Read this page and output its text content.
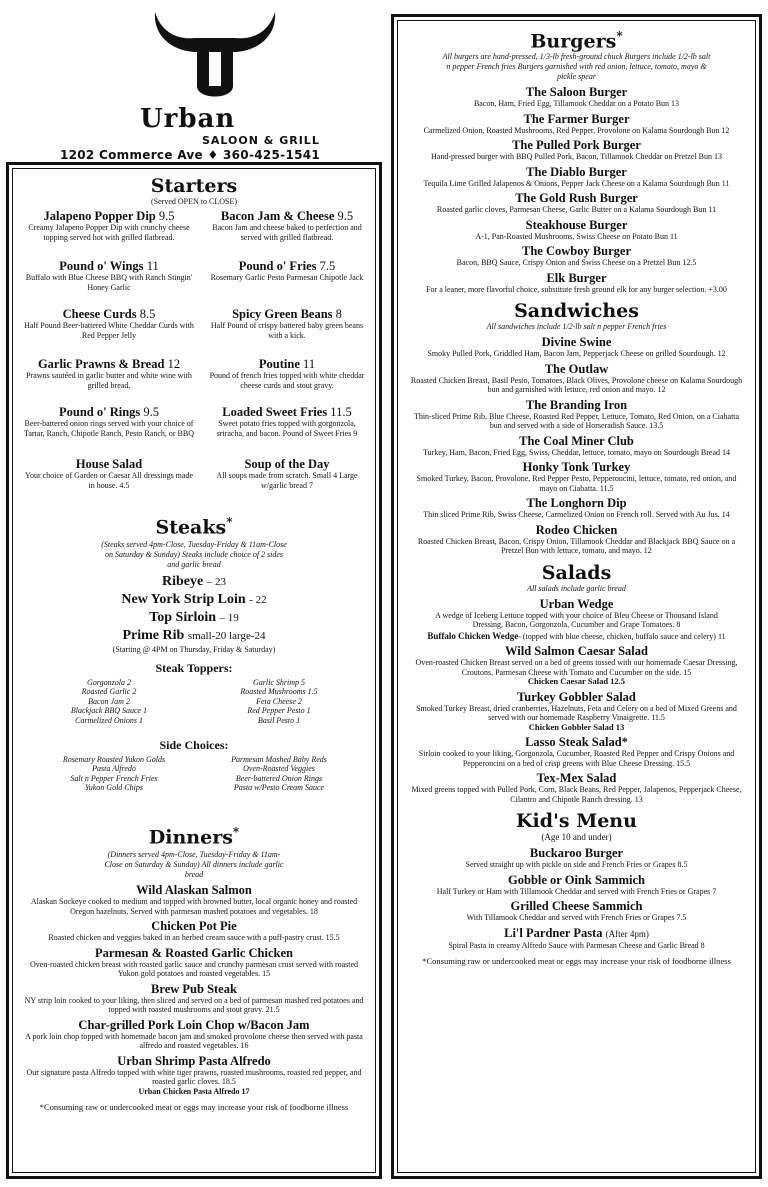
Urban
SALOON & GRILL
1202 Commerce Ave ♦ 360-425-1541
Starters
(Served OPEN to CLOSE)
Jalapeno Popper Dip 9.5
Creamy Jalapeno Popper Dip with crunchy cheese topping served hot with grilled flatbread.
Bacon Jam & Cheese 9.5
Bacon Jam and cheese baked to perfection and served with grilled flatbread.
Pound o' Wings 11
Buffalo with Blue Cheese BBQ with Ranch Stingin' Honey Garlic
Pound o' Fries 7.5
Rosemary Garlic Pesto Parmesan Chipotle Jack
Cheese Curds 8.5
Half Pound Beer-battered White Cheddar Curds with Red Pepper Jelly
Spicy Green Beans 8
Half Pound of crispy battered baby green beans with a kick.
Garlic Prawns & Bread 12
Prawns sautéed in garlic butter and white wine with grilled bread.
Poutine 11
Pound of french fries topped with white cheddar cheese curds and stout gravy.
Pound o' Rings 9.5
Beer-battered onion rings served with your choice of Tartar, Ranch, Chipotle Ranch, Pesto Ranch, or BBQ
Loaded Sweet Fries 11.5
Sweet potato fries topped with gorgonzola, sriracha, and bacon. Pound of Sweet Fries 9
House Salad
Your choice of Garden or Caesar All dressings made in house. 4.5
Soup of the Day
All soups made from scratch. Small 4 Large w/garlic bread 7
Steaks*
(Steaks served 4pm-Close, Tuesday-Friday & 11am-Close on Saturday & Sunday) Steaks include choice of 2 sides and garlic bread
Ribeye – 23
New York Strip Loin - 22
Top Sirloin – 19
Prime Rib small-20 large-24
(Starting @ 4PM on Thursday, Friday & Saturday)
Steak Toppers:
Gorgonzola 2
Roasted Garlic 2
Bacon Jam 2
Blackjack BBQ Sauce 1
Carmelized Onions 1
Garlic Shrimp 5
Roasted Mushrooms 1.5
Feta Cheese 2
Red Pepper Pesto 1
Basil Pesto 1
Side Choices:
Rosemary Roasted Yukon Golds
Pasta Alfredo
Salt n Pepper French Fries
Yukon Gold Chips
Parmesan Mashed Baby Reds
Oven-Roasted Veggies
Beer-battered Onion Rings
Pasta w/Pesto Cream Sauce
Dinners*
(Dinners served 4pm-Close, Tuesday-Friday & 11am-Close on Saturday & Sunday) All dinners include garlic bread
Wild Alaskan Salmon
Alaskan Sockeye cooked to medium and topped with browned butter, local organic honey and roasted Oregon hazelnuts. Served with parmesan mashed potatoes and vegetables. 18
Chicken Pot Pie
Roasted chicken and veggies baked in an herbed cream sauce with a puff-pastry crust. 15.5
Parmesan & Roasted Garlic Chicken
Oven-roasted chicken breast with roasted garlic sauce and crunchy parmesan crust served with roasted Yukon gold potatoes and roasted vegetables. 15
Brew Pub Steak
NY strip loin cooked to your liking, then sliced and served on a bed of parmesan mashed red potatoes and topped with roasted mushrooms and stout gravy. 21.5
Char-grilled Pork Loin Chop w/Bacon Jam
A pork loin chop topped with homemade bacon jam and smoked provolone cheese then served with pasta alfredo and roasted vegetables. 16
Urban Shrimp Pasta Alfredo
Our signature pasta Alfredo topped with white tiger prawns, roasted mushrooms, roasted red pepper, and roasted garlic cloves. 18.5
Urban Chicken Pasta Alfredo 17
*Consuming raw or undercooked meat or eggs may increase your risk of foodborne illness
Burgers*
All burgers are hand-pressed, 1/3-lb fresh-ground chuck Burgers include 1/2-lb salt n pepper French fries Burgers garnished with red onion, lettuce, tomato, mayo & pickle spear
The Saloon Burger
Bacon, Ham, Fried Egg, Tillamook Cheddar on a Potato Bun 13
The Farmer Burger
Carmelized Onion, Roasted Mushrooms, Red Pepper, Provolone on Kalama Sourdough Bun 12
The Pulled Pork Burger
Hand-pressed burger with BBQ Pulled Pork, Bacon, Tillamook Cheddar on Pretzel Bun 13
The Diablo Burger
Tequila Lime Grilled Jalapenos & Onions, Pepper Jack Cheese on a Kalama Sourdough Bun 11
The Gold Rush Burger
Roasted garlic cloves, Parmesan Cheese, Garlic Butter on a Kalama Sourdough Bun 11
Steakhouse Burger
A-1, Pan-Roasted Mushrooms, Swiss Cheese on Potato Bun 11
The Cowboy Burger
Bacon, BBQ Sauce, Crispy Onion and Swiss Cheese on a Pretzel Bun 12.5
Elk Burger
For a leaner, more flavorful choice, substitute fresh ground elk for any burger selection. +3.00
Sandwiches
All sandwiches include 1/2-lb salt n pepper French fries
Divine Swine
Smoky Pulled Pork, Griddled Ham, Bacon Jam, Pepperjack Cheese on grilled Sourdough. 12
The Outlaw
Roasted Chicken Breast, Basil Pesto, Tomatoes, Black Olives, Provolone cheese on Kalama Sourdough bun and garnished with lettuce, red onion and mayo. 12
The Branding Iron
Thin-sliced Prime Rib, Blue Cheese, Roasted Red Pepper, Lettuce, Tomato, Red Onion, on a Ciahatta bun and served with a side of Horseradish Sauce. 13.5
The Coal Miner Club
Turkey, Ham, Bacon, Fried Egg, Swiss, Cheddar, lettuce, tomato, mayo on Sourdough Bread 14
Honky Tonk Turkey
Smoked Turkey, Bacon, Provolone, Red Pepper Pesto, Pepperoncini, lettuce, tomato, red onion, and mayo on Ciabatta. 11.5
The Longhorn Dip
Thin sliced Prime Rib, Swiss Cheese, Carmelized Onion on French roll. Served with Au Jus. 14
Rodeo Chicken
Roasted Chicken Breast, Bacon, Crispy Onion, Tillamook Cheddar and Blackjack BBQ Sauce on a Pretzel Bun with lettuce, tomato, and mayo. 12
Salads
All salads include garlic bread
Urban Wedge
A wedge of Iceberg Lettuce topped with your choice of Bleu Cheese or Thousand Island Dressing, Bacon, Gorgonzola, Cucumber and Grape Tomatoes. 8
Buffalo Chicken Wedge- (topped with blue cheese, chicken, buffalo sauce and celery) 11
Wild Salmon Caesar Salad
Oven-roasted Chicken Breast served on a bed of greens tossed with our homemade Caesar Dressing, Croutons, Parmesan Cheese with Tomato and Cucumber on the side. 15
Chicken Caesar Salad 12.5
Turkey Gobbler Salad
Smoked Turkey Breast, dried cranberries, Hazelnuts, Feta and Celery on a bed of Mixed Greens and served with our homemade Raspberry Vinaigrette. 11.5
Chicken Gobbler Salad 13
Lasso Steak Salad*
Sirloin cooked to your liking, Gorgonzola, Cucumber, Roasted Red Pepper and Crispy Onions and Pepperoncini on a bed of crisp greens with Blue Cheese Dressing. 15.5
Tex-Mex Salad
Mixed greens topped with Pulled Pork, Corn, Black Beans, Red Pepper, Jalapenos, Pepperjack Cheese, Cilantro and Chipotle Ranch dressing. 13
Kid's Menu
(Age 10 and under)
Buckaroo Burger
Served straight up with pickle on side and French Fries or Grapes 8.5
Gobble or Oink Sammich
Half Turkey or Ham with Tillamook Cheddar and served with French Fries or Grapes 7
Grilled Cheese Sammich
With Tillamook Cheddar and served with French Fries or Grapes 7.5
Li'l Pardner Pasta (After 4pm)
Spiral Pasta in creamy Alfredo Sauce with Parmesan Cheese and Garlic Bread 8
*Consuming raw or undercooked meat or eggs may increase your risk of foodborne illness
